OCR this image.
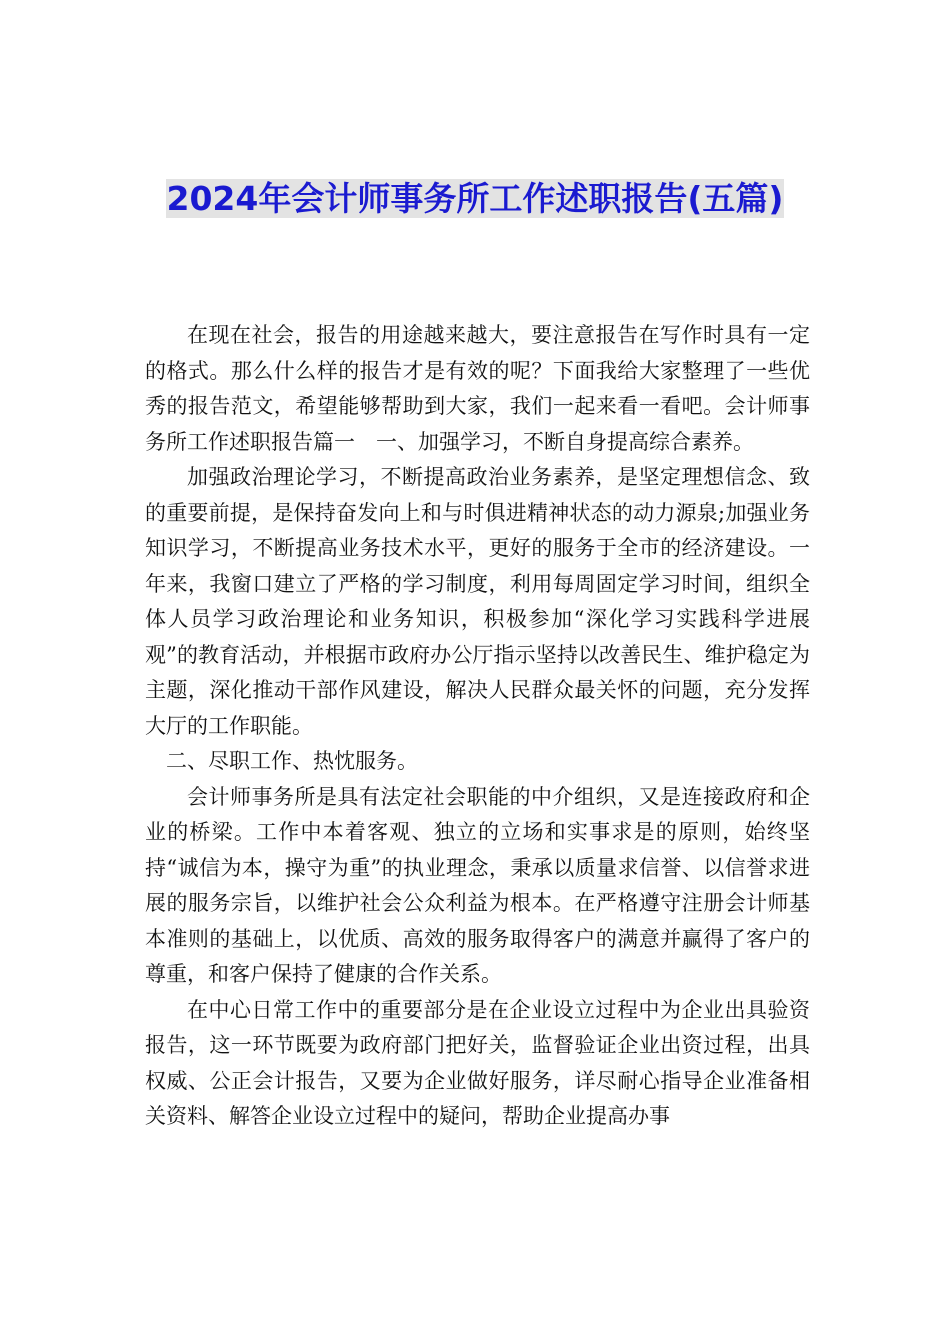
2024年会计师事务所工作述职报告(五篇)

在现在社会，报告的用途越来越大，要注意报告在写作时具有一定的格式。那么什么样的报告才是有效的呢？下面我给大家整理了一些优秀的报告范文，希望能够帮助到大家，我们一起来看一看吧。会计师事务所工作述职报告篇一　一、加强学习，不断自身提高综合素养。

加强政治理论学习，不断提高政治业务素养，是坚定理想信念、致的重要前提，是保持奋发向上和与时俱进精神状态的动力源泉;加强业务知识学习，不断提高业务技术水平，更好的服务于全市的经济建设。一年来，我窗口建立了严格的学习制度，利用每周固定学习时间，组织全体人员学习政治理论和业务知识，积极参加“深化学习实践科学进展观”的教育活动，并根据市政府办公厅指示坚持以改善民生、维护稳定为主题，深化推动干部作风建设，解决人民群众最关怀的问题，充分发挥大厅的工作职能。

二、尽职工作、热忱服务。

会计师事务所是具有法定社会职能的中介组织，又是连接政府和企业的桥梁。工作中本着客观、独立的立场和实事求是的原则，始终坚持“诚信为本，操守为重”的执业理念，秉承以质量求信誉、以信誉求进展的服务宗旨，以维护社会公众利益为根本。在严格遵守注册会计师基本准则的基础上，以优质、高效的服务取得客户的满意并赢得了客户的尊重，和客户保持了健康的合作关系。

在中心日常工作中的重要部分是在企业设立过程中为企业出具验资报告，这一环节既要为政府部门把好关，监督验证企业出资过程，出具权威、公正会计报告，又要为企业做好服务，详尽耐心指导企业准备相关资料、解答企业设立过程中的疑问，帮助企业提高办事
